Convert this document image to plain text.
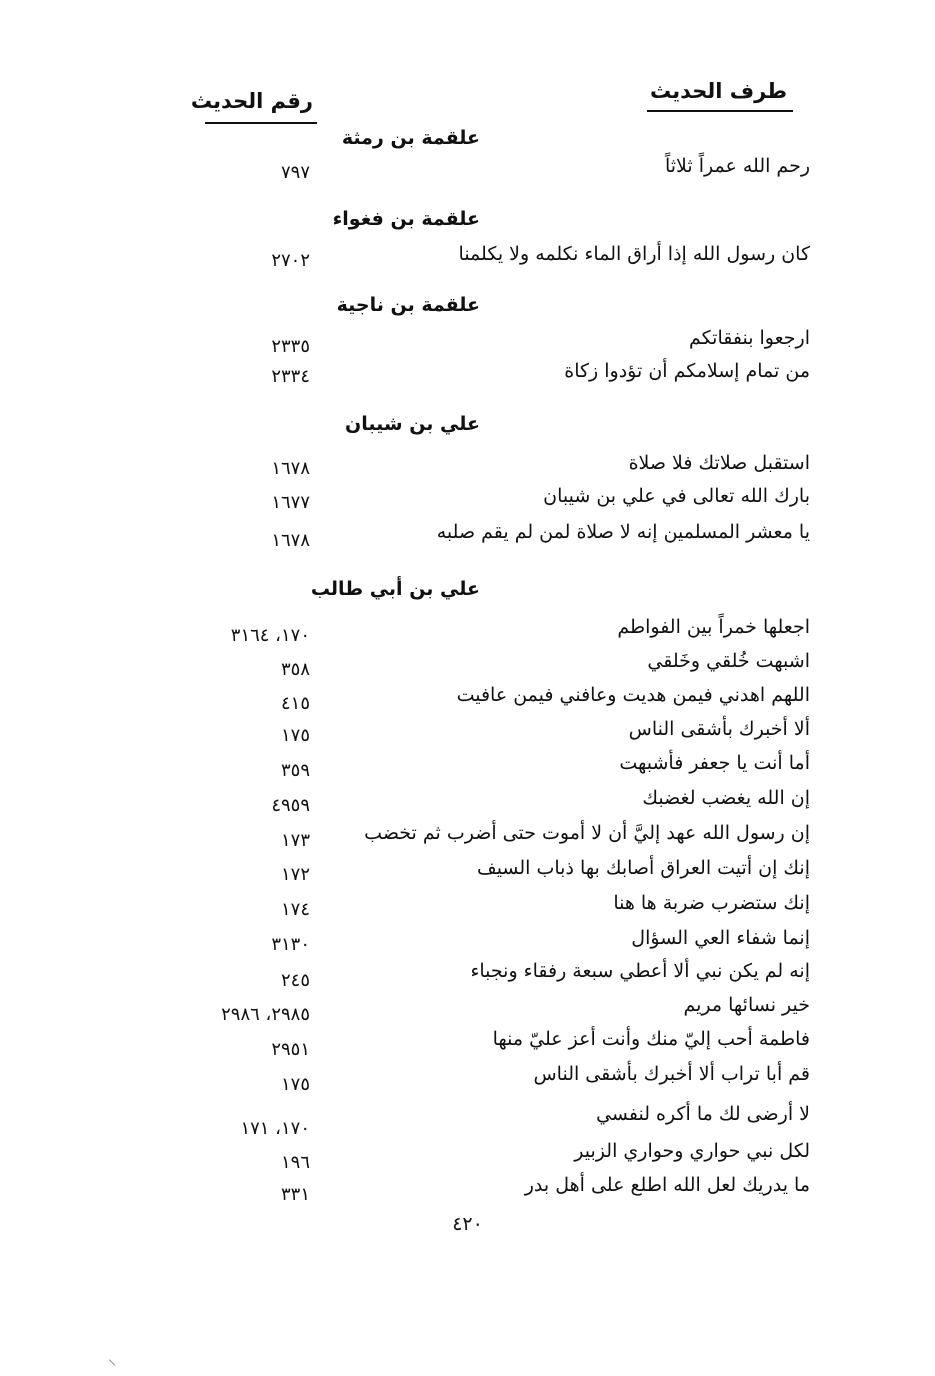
طرف الحديث
رقم الحديث
علقمة بن رمثة
رحم الله عمراً ثلاثاً
٧٩٧
علقمة بن فغواء
كان رسول الله إذا أراق الماء نكلمه ولا يكلمنا
٢٧٠٢
علقمة بن ناجية
ارجعوا بنفقاتكم
٢٣٣٥
من تمام إسلامكم أن تؤدوا زكاة
٢٣٣٤
علي بن شيبان
استقبل صلاتك فلا صلاة
١٦٧٨
بارك الله تعالى في علي بن شيبان
١٦٧٧
يا معشر المسلمين إنه لا صلاة لمن لم يقم صلبه
١٦٧٨
علي بن أبي طالب
اجعلها خمراً بين الفواطم
١٧٠، ٣١٦٤
اشبهت خُلقي وخَلقي
٣٥٨
اللهم اهدني فيمن هديت وعافني فيمن عافيت
٤١٥
ألا أخبرك بأشقى الناس
١٧٥
أما أنت يا جعفر فأشبهت
٣٥٩
إن الله يغضب لغضبك
٤٩٥٩
إن رسول الله عهد إليَّ أن لا أموت حتى أضرب ثم تخضب
١٧٣
إنك إن أتيت العراق أصابك بها ذباب السيف
١٧٢
إنك ستضرب ضربة ها هنا
١٧٤
إنما شفاء العي السؤال
٣١٣٠
إنه لم يكن نبي ألا أعطي سبعة رفقاء ونجباء
٢٤٥
خير نسائها مريم
٢٩٨٥، ٢٩٨٦
فاطمة أحب إليّ منك وأنت أعز عليّ منها
٢٩٥١
قم أبا تراب ألا أخبرك بأشقى الناس
١٧٥
لا أرضى لك ما أكره لنفسي
١٧٠، ١٧١
لكل نبي حواري وحواري الزبير
١٩٦
ما يدريك لعل الله اطلع على أهل بدر
٣٣١
٤٢٠
